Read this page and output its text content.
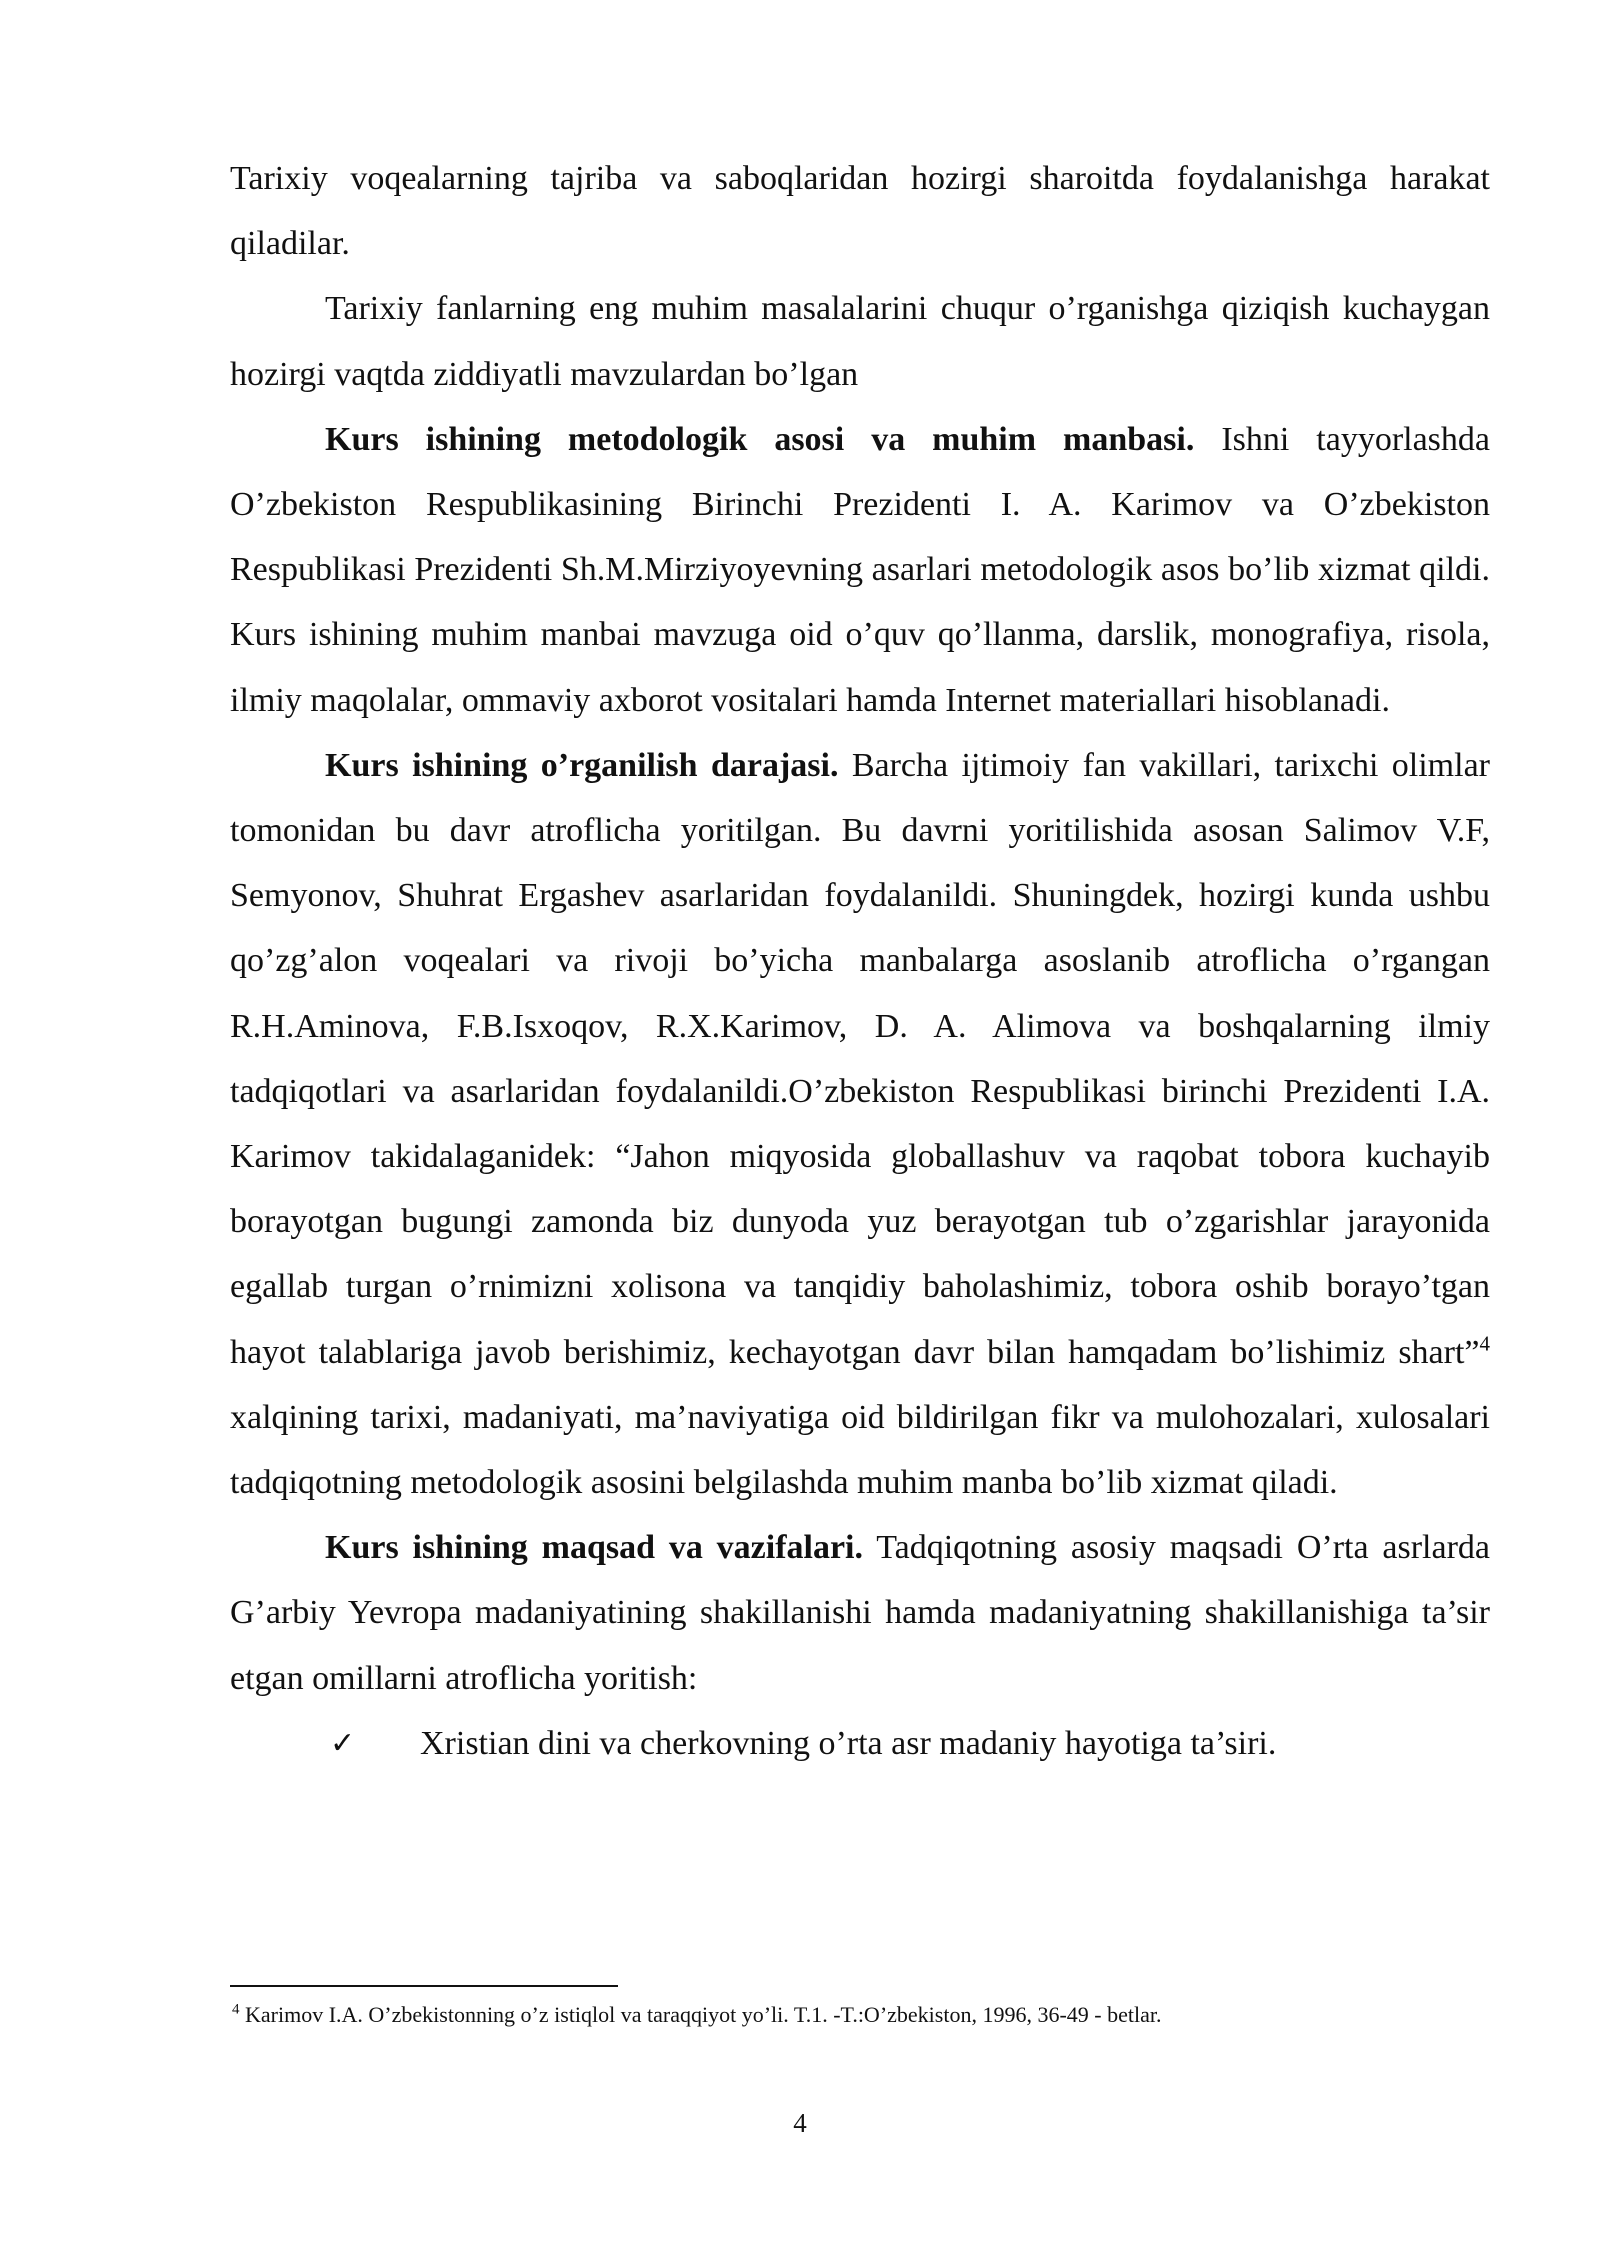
Tarixiy voqealarning tajriba va saboqlaridan hozirgi sharoitda foydalanishga harakat qiladilar.

Tarixiy fanlarning eng muhim masalalarini chuqur o’rganishga qiziqish kuchaygan hozirgi vaqtda ziddiyatli mavzulardan bo’lgan

Kurs ishining metodologik asosi va muhim manbasi. Ishni tayyorlashda O’zbekiston Respublikasining Birinchi Prezidenti I. A. Karimov va O’zbekiston Respublikasi Prezidenti Sh.M.Mirziyoyevning asarlari metodologik asos bo’lib xizmat qildi. Kurs ishining muhim manbai mavzuga oid o’quv qo’llanma, darslik, monografiya, risola, ilmiy maqolalar, ommaviy axborot vositalari hamda Internet materiallari hisoblanadi.

Kurs ishining o’rganilish darajasi. Barcha ijtimoiy fan vakillari, tarixchi olimlar tomonidan bu davr atroflicha yoritilgan. Bu davrni yoritilishida asosan Salimov V.F, Semyonov, Shuhrat Ergashev asarlaridan foydalanildi. Shuningdek, hozirgi kunda ushbu qo’zg’alon voqealari va rivoji bo’yicha manbalarga asoslanib atroflicha o’rgangan R.H.Aminova, F.B.Isxoqov, R.X.Karimov, D. A. Alimova va boshqalarning ilmiy tadqiqotlari va asarlaridan foydalanildi.O’zbekiston Respublikasi birinchi Prezidenti I.A. Karimov takidalaganidek: “Jahon miqyosida globallashuv va raqobat tobora kuchayib borayotgan bugungi zamonda biz dunyoda yuz berayotgan tub o’zgarishlar jarayonida egallab turgan o’rnimizni xolisona va tanqidiy baholashimiz, tobora oshib borayo’tgan hayot talablariga javob berishimiz, kechayotgan davr bilan hamqadam bo’lishimiz shart”$^4$ xalqining tarixi, madaniyati, ma’naviyatiga oid bildirilgan fikr va mulohozalari, xulosalari tadqiqotning metodologik asosini belgilashda muhim manba bo’lib xizmat qiladi.

Kurs ishining maqsad va vazifalari. Tadqiqotning asosiy maqsadi O’rta asrlarda G’arbiy Yevropa madaniyatining shakillanishi hamda madaniyatning shakillanishiga ta’sir etgan omillarni atroflicha yoritish:

✓ Xristian dini va cherkovning o’rta asr madaniy hayotiga ta’siri.

$^4$ Karimov I.A. O’zbekistonning o’z istiqlol va taraqqiyot yo’li. T.1. -T.:O’zbekiston, 1996, 36-49 - betlar.
4
